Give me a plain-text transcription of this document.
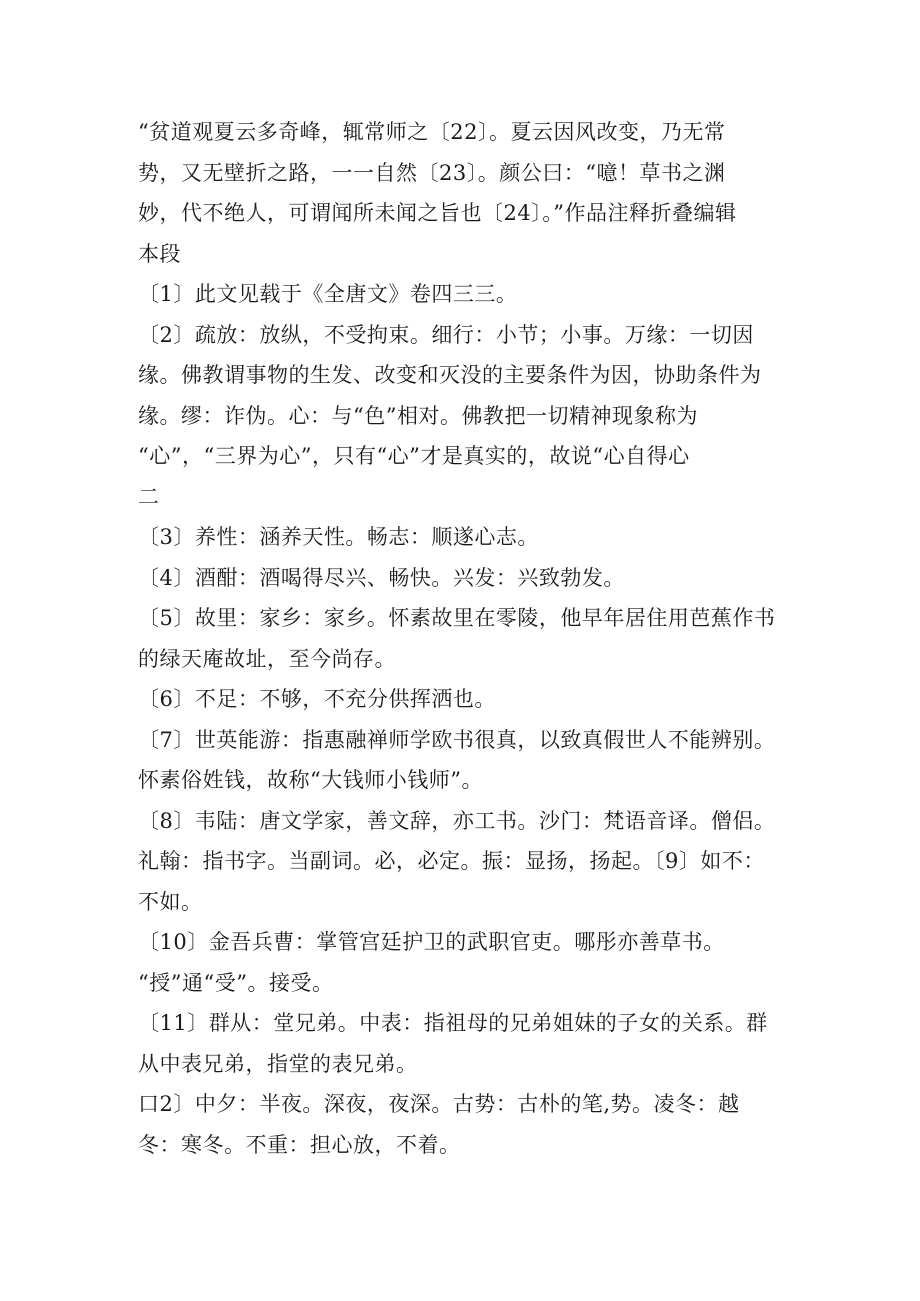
“贫道观夏云多奇峰，辄常师之〔22〕。夏云因风改变，乃无常
势，又无壁折之路，一一自然〔23〕。颜公曰：“噫！草书之渊
妙，代不绝人，可谓闻所未闻之旨也〔24〕。”作品注释折叠编辑
本段
〔1〕此文见载于《全唐文》卷四三三。
〔2〕疏放：放纵，不受拘束。细行：小节；小事。万缘：一切因
缘。佛教谓事物的生发、改变和灭没的主要条件为因，协助条件为
缘。缪：诈伪。心：与“色”相对。佛教把一切精神现象称为
“心”，“三界为心”，只有“心”才是真实的，故说“心自得心
二
〔3〕养性：涵养天性。畅志：顺遂心志。
〔4〕酒酣：酒喝得尽兴、畅快。兴发：兴致勃发。
〔5〕故里：家乡：家乡。怀素故里在零陵，他早年居住用芭蕉作书
的绿天庵故址，至今尚存。
〔6〕不足：不够，不充分供挥洒也。
〔7〕世英能游：指惠融禅师学欧书很真，以致真假世人不能辨别。
怀素俗姓钱，故称“大钱师小钱师”。
〔8〕韦陆：唐文学家，善文辞，亦工书。沙门：梵语音译。僧侣。
礼翰：指书字。当副词。必，必定。振：显扬，扬起。〔9〕如不：
不如。
〔10〕金吾兵曹：掌管宫廷护卫的武职官吏。哪彤亦善草书。
“授”通“受”。接受。
〔11〕群从：堂兄弟。中表：指祖母的兄弟姐妹的子女的关系。群
从中表兄弟，指堂的表兄弟。
口2〕中夕：半夜。深夜，夜深。古势：古朴的笔,势。凌冬：越
冬：寒冬。不重：担心放，不着。
